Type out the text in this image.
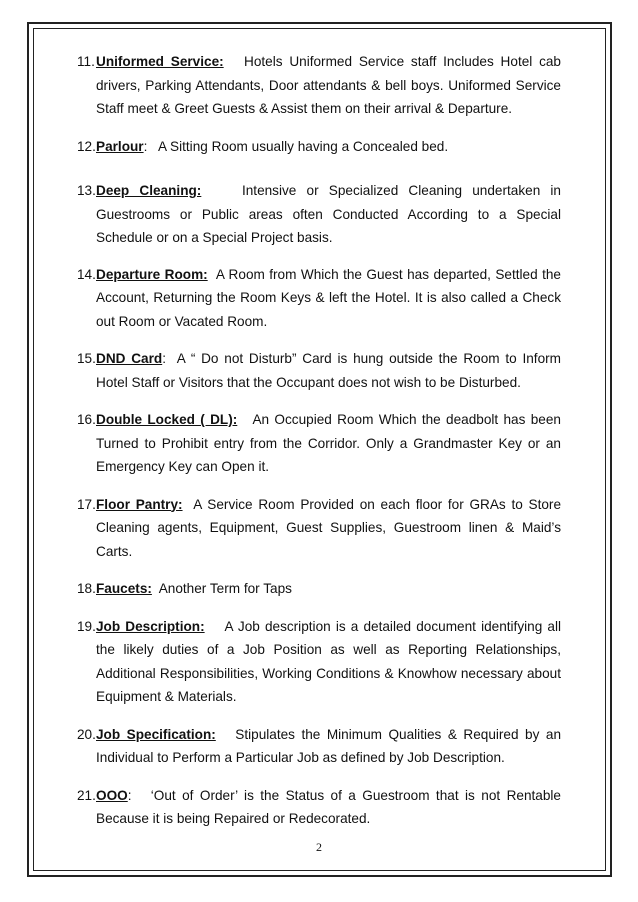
11. Uniformed Service: Hotels Uniformed Service staff Includes Hotel cab drivers, Parking Attendants, Door attendants & bell boys. Uniformed Service Staff meet & Greet Guests & Assist them on their arrival & Departure.
12. Parlour:   A Sitting Room usually having a Concealed bed.
13. Deep Cleaning:	Intensive or Specialized Cleaning undertaken in Guestrooms or Public areas often Conducted According to a Special Schedule or on a Special Project basis.
14. Departure Room: A Room from Which the Guest has departed, Settled the Account, Returning the Room Keys & left the Hotel. It is also called a Check out Room or Vacated Room.
15. DND Card:  A “ Do not Disturb” Card is hung outside the Room to Inform Hotel Staff or Visitors that the Occupant does not wish to be Disturbed.
16. Double Locked ( DL): An Occupied Room Which the deadbolt has been Turned to Prohibit entry from the Corridor. Only a Grandmaster Key or an Emergency Key can Open it.
17. Floor Pantry: A Service Room Provided on each floor for GRAs to Store Cleaning agents, Equipment, Guest Supplies, Guestroom linen & Maid’s Carts.
18. Faucets: Another Term for Taps
19. Job Description: A Job description is a detailed document identifying all the likely duties of a Job Position as well as Reporting Relationships, Additional Responsibilities, Working Conditions & Knowhow necessary about Equipment & Materials.
20. Job Specification: Stipulates the Minimum Qualities & Required by an Individual to Perform a Particular Job as defined by Job Description.
21. OOO:   ‘Out of Order’ is the Status of a Guestroom that is not Rentable Because it is being Repaired or Redecorated.
2
